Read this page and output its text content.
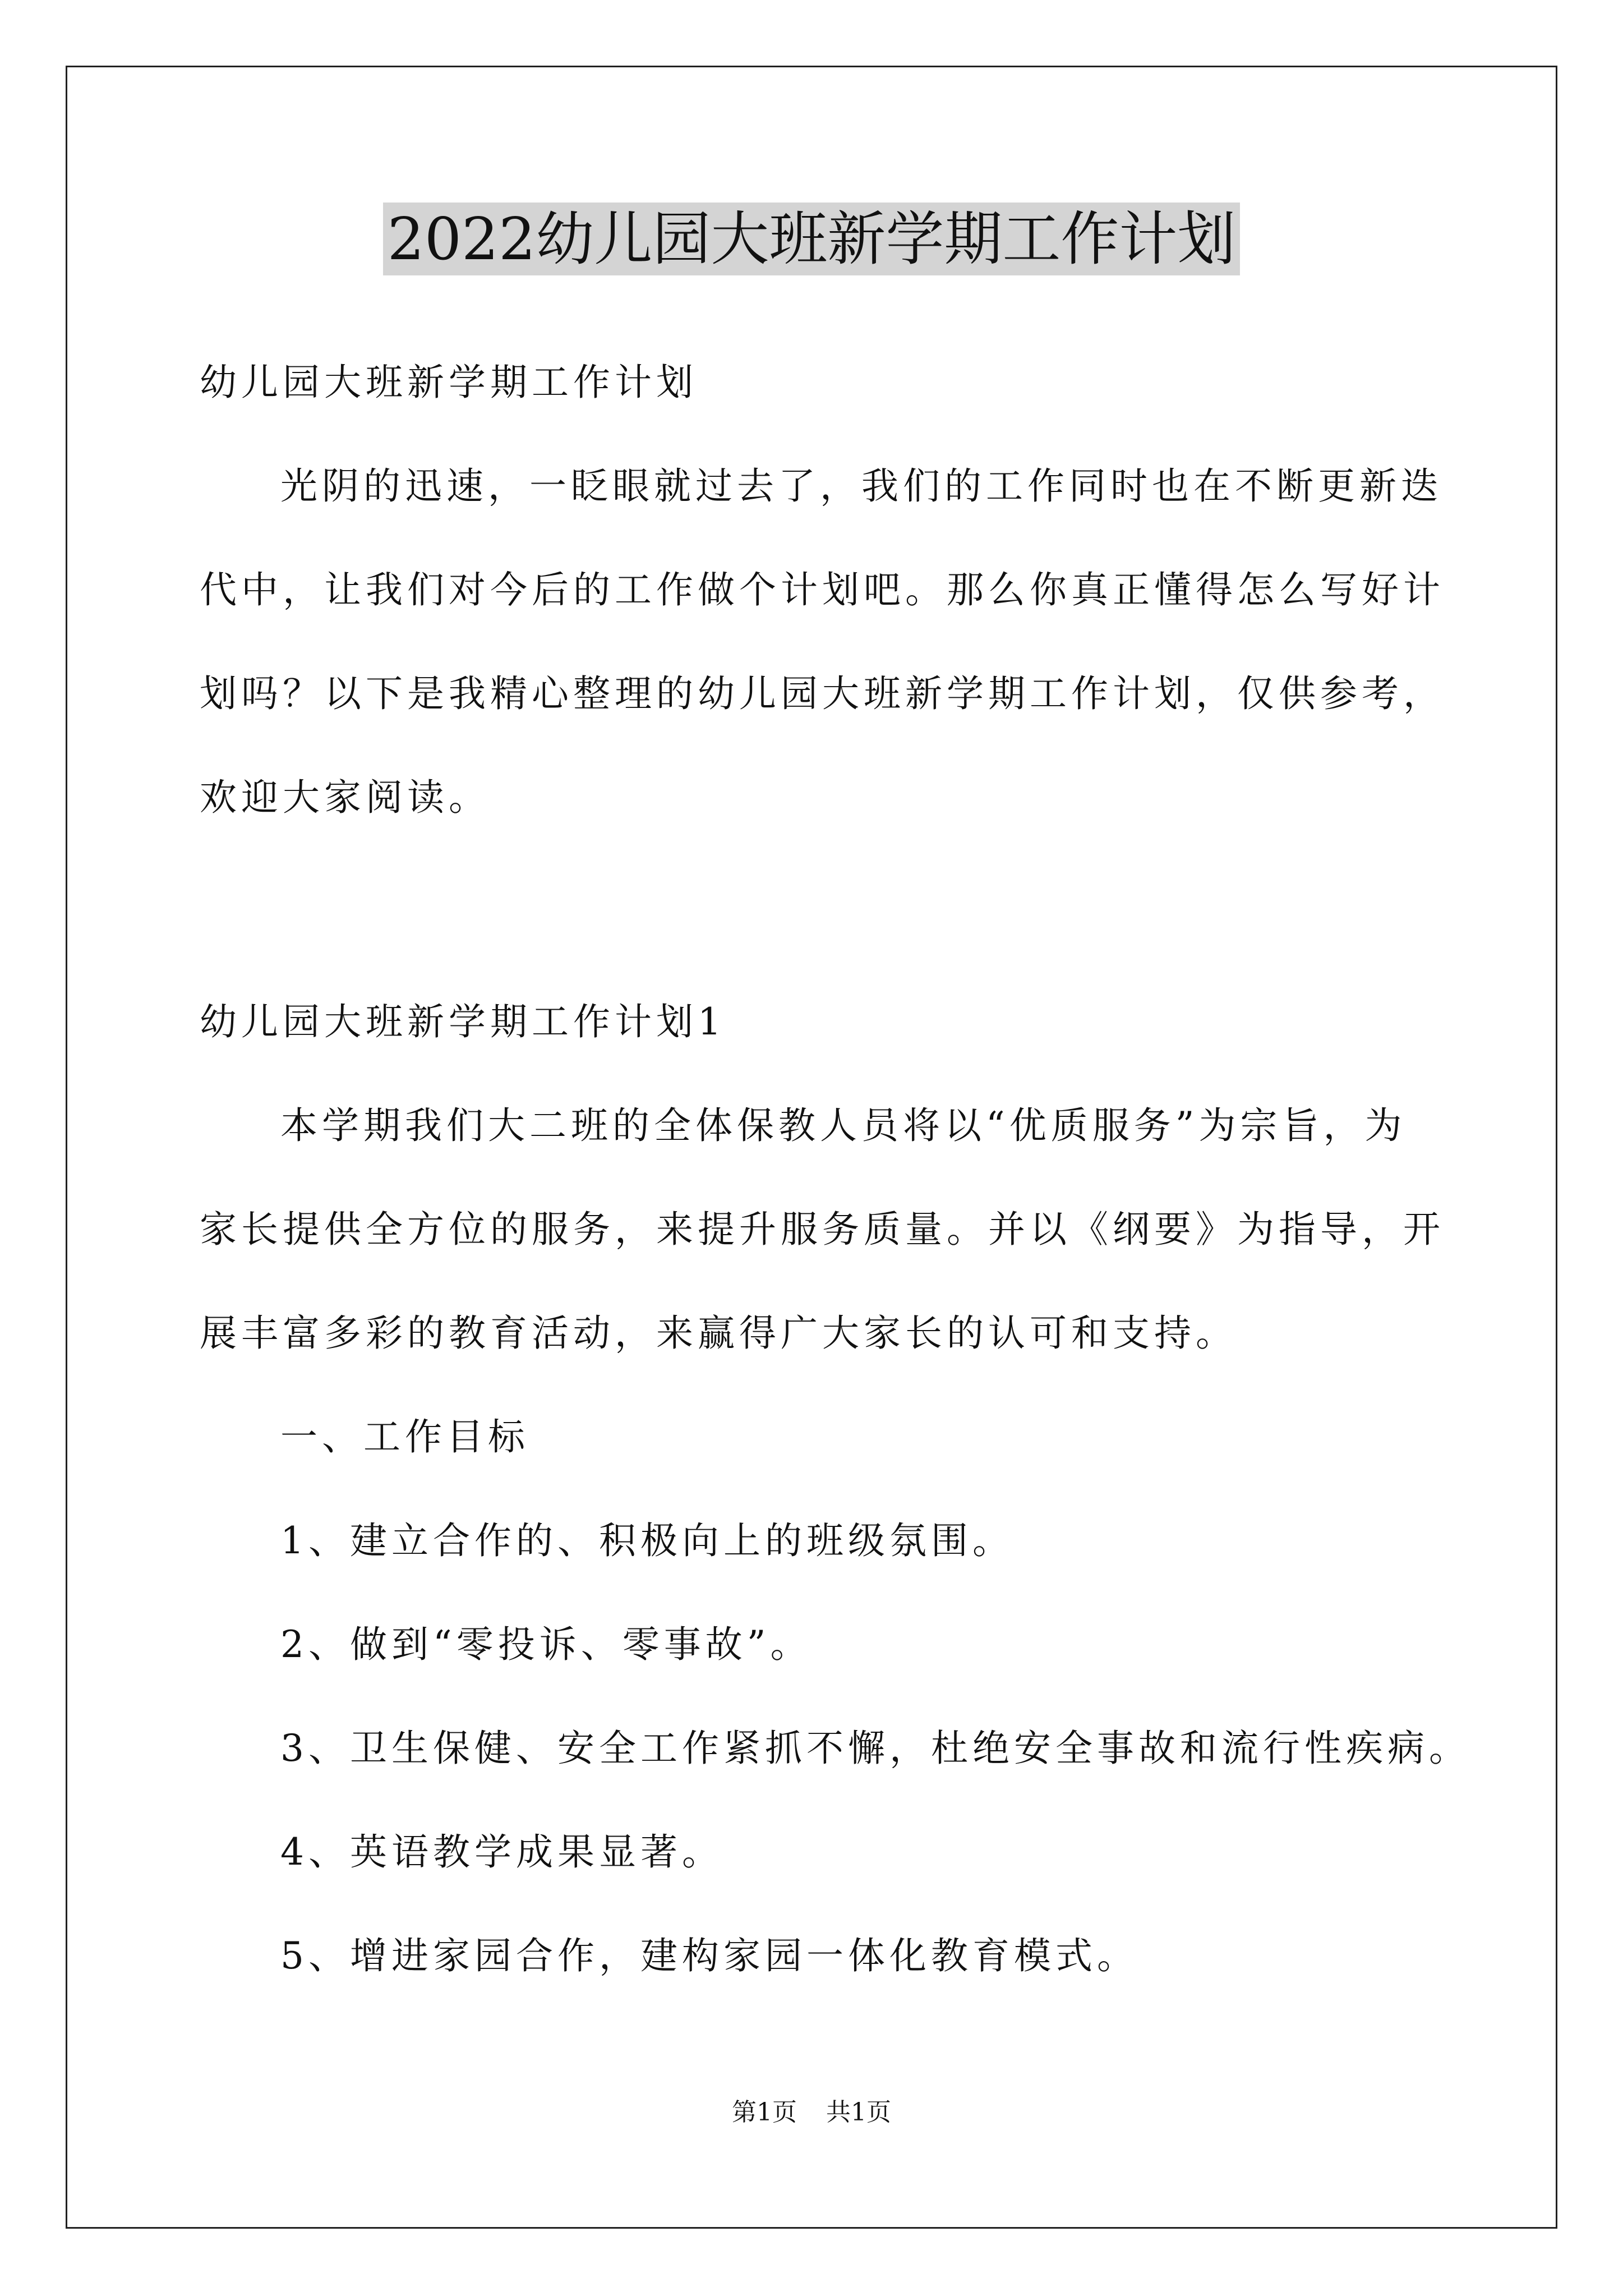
2022幼儿园大班新学期工作计划

幼儿园大班新学期工作计划

光阴的迅速，一眨眼就过去了，我们的工作同时也在不断更新迭

代中，让我们对今后的工作做个计划吧。那么你真正懂得怎么写好计

划吗？以下是我精心整理的幼儿园大班新学期工作计划，仅供参考，

欢迎大家阅读。

幼儿园大班新学期工作计划1

本学期我们大二班的全体保教人员将以“优质服务”为宗旨，为

家长提供全方位的服务，来提升服务质量。并以《纲要》为指导，开

展丰富多彩的教育活动，来赢得广大家长的认可和支持。

一、工作目标

1、建立合作的、积极向上的班级氛围。

2、做到“零投诉、零事故”。

3、卫生保健、安全工作紧抓不懈，杜绝安全事故和流行性疾病。

4、英语教学成果显著。

5、增进家园合作，建构家园一体化教育模式。

第1页 共1页
